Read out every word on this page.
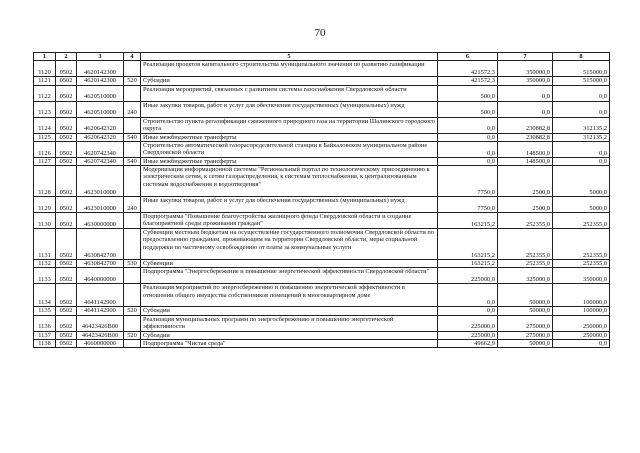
70
1	2	3	4	5	6	7	8
1120	0502	4620142300		Реализация проектов капитального строительства муниципального значения по развитию газификации	421572,3	350000,0	515000,0
1121	0502	4620142300	520	Субсидии	421572,3	350000,0	515000,0
1122	0502	4620510000		Реализация мероприятий, связанных с развитием системы газоснабжения Свердловской области	500,0	0,0	0,0
1123	0502	4620510000	240	Иные закупки товаров, работ и услуг для обеспечения государственных (муниципальных) нужд	500,0	0,0	0,0
1124	0502	4620642320		Строительство пункта регазификации сжиженного природного газа на территории Шалинского городского округа	0,0	230882,8	312135,2
1125	0502	4620642320	540	Иные межбюджетные трансферты	0,0	230882,8	312135,2
1126	0502	4620742340		Строительство автоматической газораспределительной станции в Байкаловском муниципальном районе Свердловской области	0,0	148500,0	0,0
1127	0502	4620742340	540	Иные межбюджетные трансферты	0,0	148500,0	0,0
1128	0502	4623010000		Модернизация информационной системы "Региональный портал по технологическому присоединению к электрическим сетям, к сетям газораспределения, к системам теплоснабжения, к централизованным системам водоснабжения и водоотведения"	7750,0	2500,0	5000,0
1129	0502	4623010000	240	Иные закупки товаров, работ и услуг для обеспечения государственных (муниципальных) нужд	7750,0	2500,0	5000,0
1130	0502	4630000000		Подпрограмма "Повышение благоустройства жилищного фонда Свердловской области и создание благоприятной среды проживания граждан"	163215,2	252355,0	252355,0
1131	0502	4630842700		Субвенции местным бюджетам на осуществление государственного полномочия Свердловской области по предоставлению гражданам, проживающим на территории Свердловской области, меры социальной поддержки по частичному освобождению от платы за коммунальные услуги	163215,2	252355,0	252355,0
1132	0502	4630842700	530	Субвенции	163215,2	252355,0	252355,0
1133	0502	4640000000		Подпрограмма "Энергосбережение и повышение энергетической эффективности Свердловской области"	225000,0	325000,0	350000,0
1134	0502	4641142900		Реализация мероприятий по энергосбережению и повышению энергетической эффективности в отношении общего имущества собственников помещений в многоквартирном доме	0,0	50000,0	100000,0
1135	0502	4641142900	520	Субсидии	0,0	50000,0	100000,0
1136	0502	46423426В00		Реализация муниципальных программ по энергосбережению и повышению энергетической эффективности	225000,0	275000,0	250000,0
1137	0502	46423426В00	520	Субсидии	225000,0	275000,0	250000,0
1138	0502	4660000000		Подпрограмма "Чистая среда"	49662,9	50000,0	0,0
